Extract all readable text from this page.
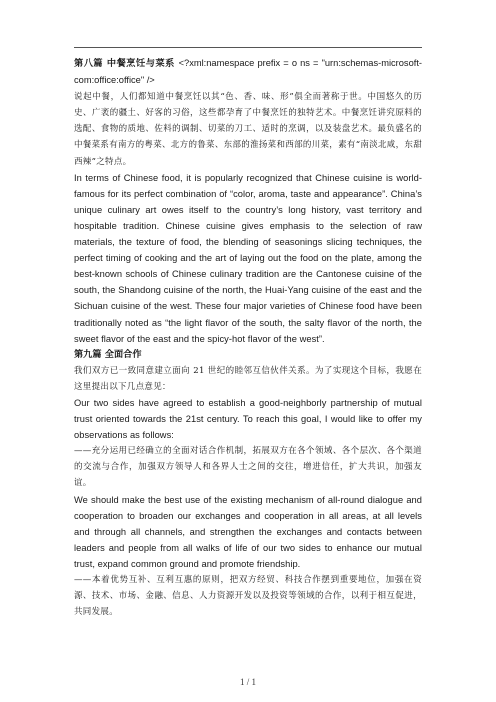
第八篇 中餐烹饪与菜系 <?xml:namespace prefix = o ns = "urn:schemas-microsoft-com:office:office" />

说起中餐，人们都知道中餐烹饪以其“色、香、味、形”俱全而著称于世。中国悠久的历史、广袤的疆土、好客的习俗，这些都孕育了中餐烹饪的独特艺术。中餐烹饪讲究原料的选配、食物的质地、佐料的调制、切菜的刀工、适时的烹调，以及装盘艺术。最负盛名的中餐菜系有南方的粤菜、北方的鲁菜、东部的淮扬菜和西部的川菜，素有“南淡北咸，东甜西辣”之特点。

In terms of Chinese food, it is popularly recognized that Chinese cuisine is world-famous for its perfect combination of “color, aroma, taste and appearance”. China’s unique culinary art owes itself to the country’s long history, vast territory and hospitable tradition. Chinese cuisine gives emphasis to the selection of raw materials, the texture of food, the blending of seasonings slicing techniques, the perfect timing of cooking and the art of laying out the food on the plate, among the best-known schools of Chinese culinary tradition are the Cantonese cuisine of the south, the Shandong cuisine of the north, the Huai-Yang cuisine of the east and the Sichuan cuisine of the west. These four major varieties of Chinese food have been traditionally noted as “the light flavor of the south, the salty flavor of the north, the sweet flavor of the east and the spicy-hot flavor of the west”.

第九篇 全面合作

我们双方已一致同意建立面向 21 世纪的睦邻互信伙伴关系。为了实现这个目标，我愿在这里提出以下几点意见：

Our two sides have agreed to establish a good-neighborly partnership of mutual trust oriented towards the 21st century. To reach this goal, I would like to offer my observations as follows:

——充分运用已经确立的全面对话合作机制，拓展双方在各个领域、各个层次、各个渠道的交流与合作，加强双方领导人和各界人士之间的交往，增进信任，扩大共识，加强友谊。

We should make the best use of the existing mechanism of all-round dialogue and cooperation to broaden our exchanges and cooperation in all areas, at all levels and through all channels, and strengthen the exchanges and contacts between leaders and people from all walks of life of our two sides to enhance our mutual trust, expand common ground and promote friendship.

——本着优势互补、互利互惠的原则，把双方经贸、科技合作摆到重要地位，加强在资源、技术、市场、金融、信息、人力资源开发以及投资等领域的合作，以利于相互促进，共同发展。

1 / 1
